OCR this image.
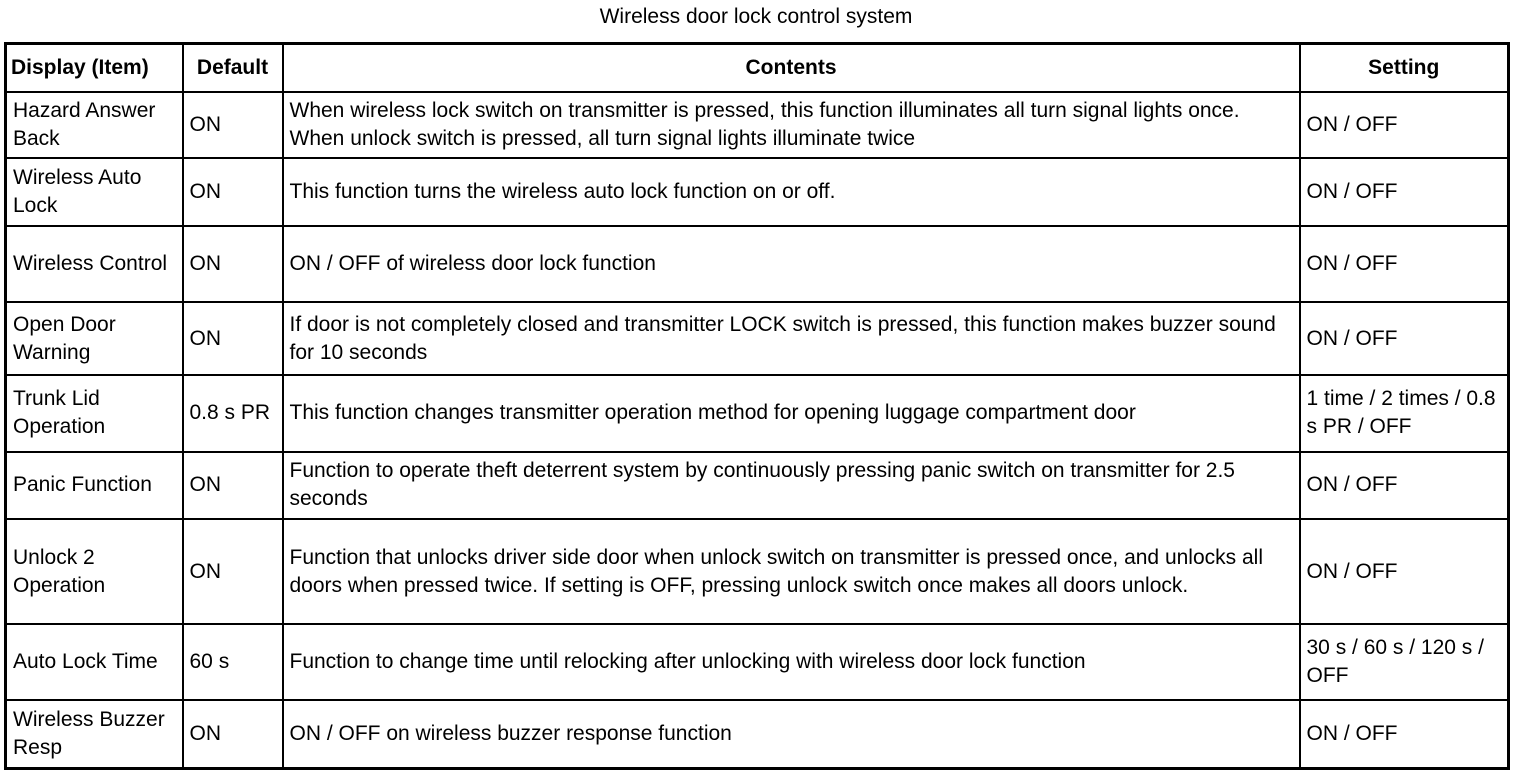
Wireless door lock control system
Display (Item)	Default	Contents	Setting
Hazard Answer Back	ON	When wireless lock switch on transmitter is pressed, this function illuminates all turn signal lights once. When unlock switch is pressed, all turn signal lights illuminate twice	ON / OFF
Wireless Auto Lock	ON	This function turns the wireless auto lock function on or off.	ON / OFF
Wireless Control	ON	ON / OFF of wireless door lock function	ON / OFF
Open Door Warning	ON	If door is not completely closed and transmitter LOCK switch is pressed, this function makes buzzer sound for 10 seconds	ON / OFF
Trunk Lid Operation	0.8 s PR	This function changes transmitter operation method for opening luggage compartment door	1 time / 2 times / 0.8 s PR / OFF
Panic Function	ON	Function to operate theft deterrent system by continuously pressing panic switch on transmitter for 2.5 seconds	ON / OFF
Unlock 2 Operation	ON	Function that unlocks driver side door when unlock switch on transmitter is pressed once, and unlocks all doors when pressed twice. If setting is OFF, pressing unlock switch once makes all doors unlock.	ON / OFF
Auto Lock Time	60 s	Function to change time until relocking after unlocking with wireless door lock function	30 s / 60 s / 120 s / OFF
Wireless Buzzer Resp	ON	ON / OFF on wireless buzzer response function	ON / OFF
